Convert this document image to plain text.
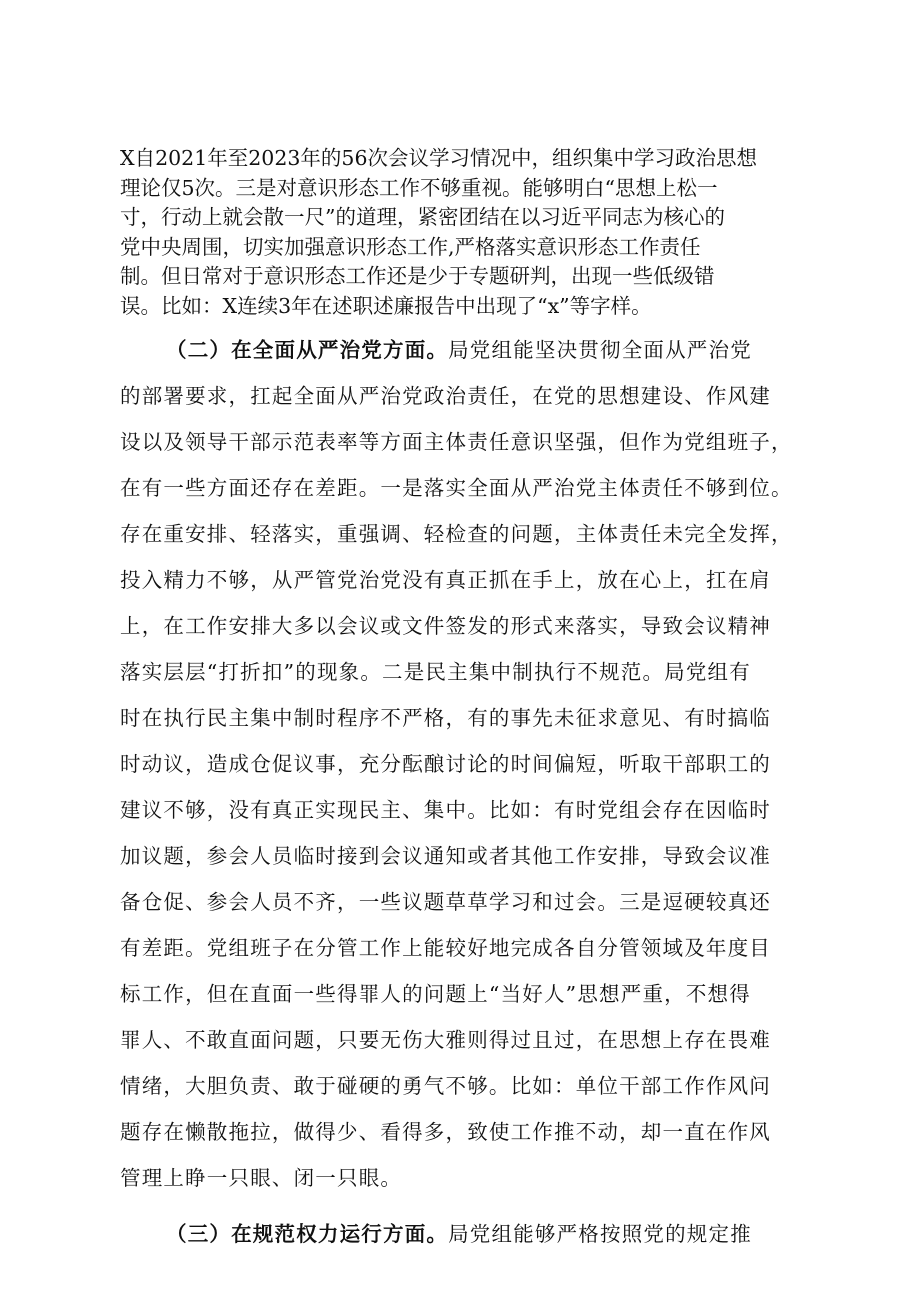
X自2021年至2023年的56次会议学习情况中，组织集中学习政治思想
理论仅5次。三是对意识形态工作不够重视。能够明白“思想上松一
寸，行动上就会散一尺”的道理，紧密团结在以习近平同志为核心的
党中央周围，切实加强意识形态工作,严格落实意识形态工作责任
制。但日常对于意识形态工作还是少于专题研判，出现一些低级错
误。比如：X连续3年在述职述廉报告中出现了“x”等字样。
（二）在全面从严治党方面。局党组能坚决贯彻全面从严治党
的部署要求，扛起全面从严治党政治责任，在党的思想建设、作风建
设以及领导干部示范表率等方面主体责任意识坚强，但作为党组班子，
在有一些方面还存在差距。一是落实全面从严治党主体责任不够到位。
存在重安排、轻落实，重强调、轻检查的问题，主体责任未完全发挥，
投入精力不够，从严管党治党没有真正抓在手上，放在心上，扛在肩
上，在工作安排大多以会议或文件签发的形式来落实，导致会议精神
落实层层“打折扣”的现象。二是民主集中制执行不规范。局党组有
时在执行民主集中制时程序不严格，有的事先未征求意见、有时搞临
时动议，造成仓促议事，充分酝酿讨论的时间偏短，听取干部职工的
建议不够，没有真正实现民主、集中。比如：有时党组会存在因临时
加议题，参会人员临时接到会议通知或者其他工作安排，导致会议准
备仓促、参会人员不齐，一些议题草草学习和过会。三是逗硬较真还
有差距。党组班子在分管工作上能较好地完成各自分管领域及年度目
标工作，但在直面一些得罪人的问题上“当好人”思想严重，不想得
罪人、不敢直面问题，只要无伤大雅则得过且过，在思想上存在畏难
情绪，大胆负责、敢于碰硬的勇气不够。比如：单位干部工作作风问
题存在懒散拖拉，做得少、看得多，致使工作推不动，却一直在作风
管理上睁一只眼、闭一只眼。
（三）在规范权力运行方面。局党组能够严格按照党的规定推
